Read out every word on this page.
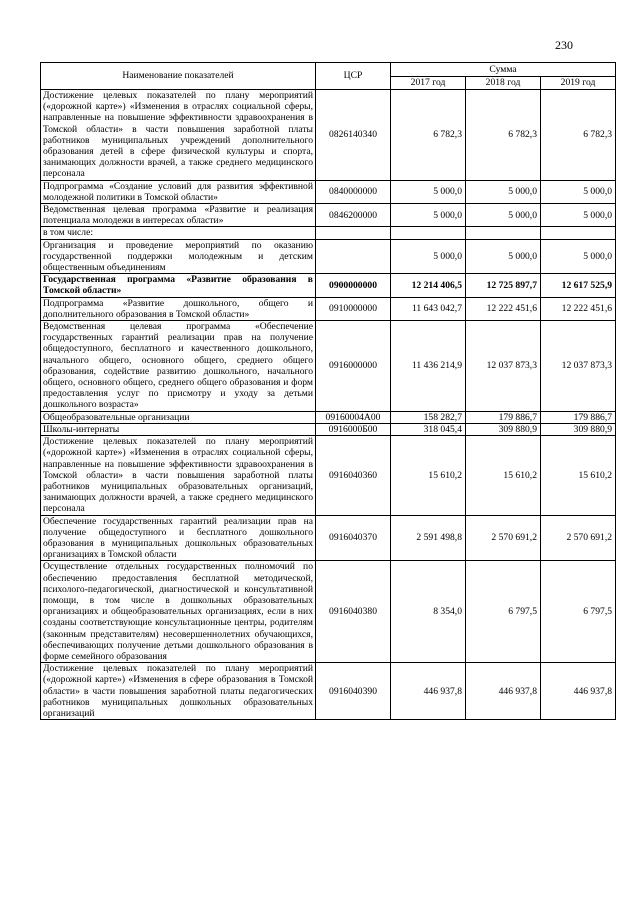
230
Наименование показателей	ЦСР	Сумма		
		2017 год	2018 год	2019 год
Достижение целевых показателей по плану мероприятий («дорожной карте») «Изменения в отраслях социальной сферы, направленные на повышение эффективности здравоохранения в Томской области» в части повышения заработной платы работников муниципальных учреждений дополнительного образования детей в сфере физической культуры и спорта, занимающих должности врачей, а также среднего медицинского персонала	0826140340	6 782,3	6 782,3	6 782,3
Подпрограмма «Создание условий для развития эффективной молодежной политики в Томской области»	0840000000	5 000,0	5 000,0	5 000,0
Ведомственная целевая программа «Развитие и реализация потенциала молодежи в интересах области»	0846200000	5 000,0	5 000,0	5 000,0
в том числе:				
Организация и проведение мероприятий по оказанию государственной поддержки молодежным и детским общественным объединениям		5 000,0	5 000,0	5 000,0
Государственная программа «Развитие образования в Томской области»	0900000000	12 214 406,5	12 725 897,7	12 617 525,9
Подпрограмма «Развитие дошкольного, общего и дополнительного образования в Томской области»	0910000000	11 643 042,7	12 222 451,6	12 222 451,6
Ведомственная целевая программа «Обеспечение государственных гарантий реализации прав на получение общедоступного, бесплатного и качественного дошкольного, начального общего, основного общего, среднего общего образования, содействие развитию дошкольного, начального общего, основного общего, среднего общего образования и форм предоставления услуг по присмотру и уходу за детьми дошкольного возраста»	0916000000	11 436 214,9	12 037 873,3	12 037 873,3
Общеобразовательные организации	09160004А00	158 282,7	179 886,7	179 886,7
Школы-интернаты	0916000Б00	318 045,4	309 880,9	309 880,9
Достижение целевых показателей по плану мероприятий («дорожной карте») «Изменения в отраслях социальной сферы, направленные на повышение эффективности здравоохранения в Томской области» в части повышения заработной платы работников муниципальных образовательных организаций, занимающих должности врачей, а также среднего медицинского персонала	0916040360	15 610,2	15 610,2	15 610,2
Обеспечение государственных гарантий реализации прав на получение общедоступного и бесплатного дошкольного образования в муниципальных дошкольных образовательных организациях в Томской области	0916040370	2 591 498,8	2 570 691,2	2 570 691,2
Осуществление отдельных государственных полномочий по обеспечению предоставления бесплатной методической, психолого-педагогической, диагностической и консультативной помощи, в том числе в дошкольных образовательных организациях и общеобразовательных организациях, если в них созданы соответствующие консультационные центры, родителям (законным представителям) несовершеннолетних обучающихся, обеспечивающих получение детьми дошкольного образования в форме семейного образования	0916040380	8 354,0	6 797,5	6 797,5
Достижение целевых показателей по плану мероприятий («дорожной карте») «Изменения в сфере образования в Томской области» в части повышения заработной платы педагогических работников муниципальных дошкольных образовательных организаций	0916040390	446 937,8	446 937,8	446 937,8
